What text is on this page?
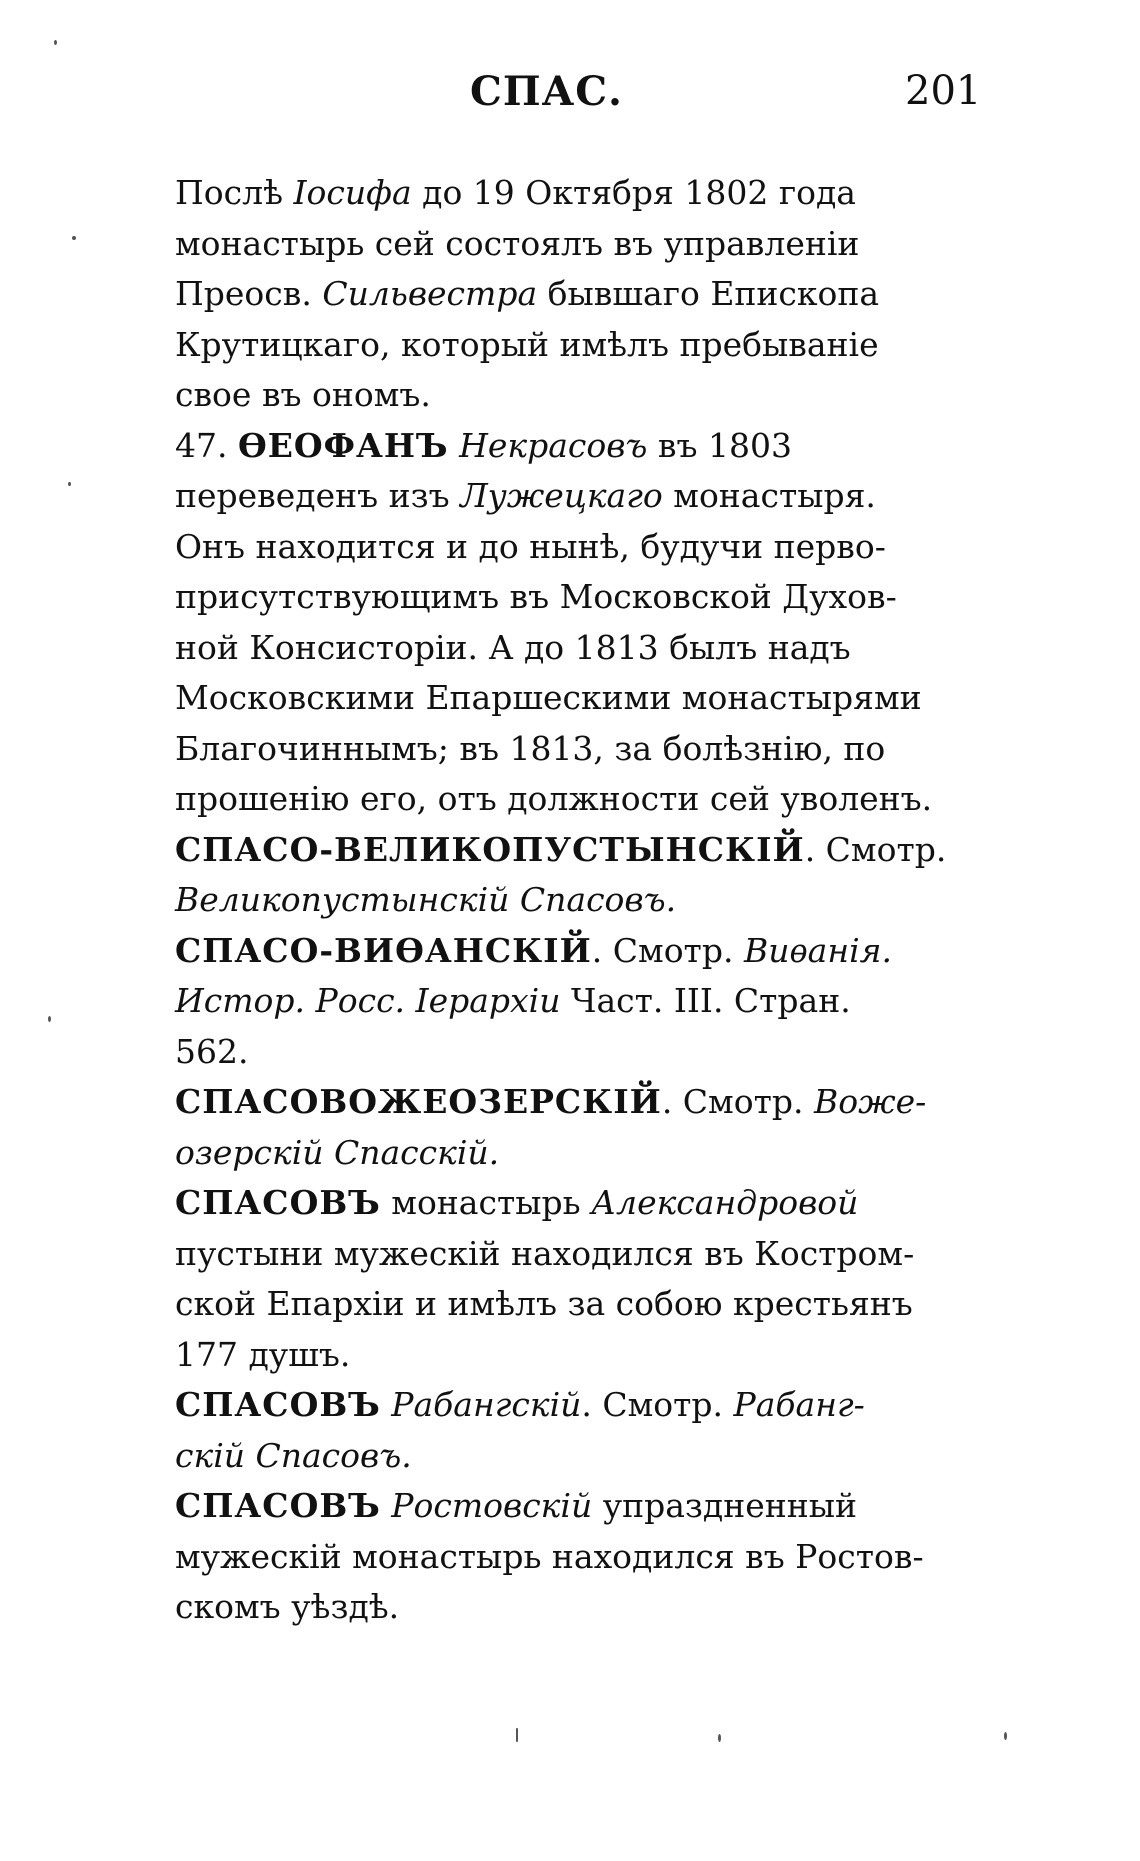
СПАС.	201

Послѣ Іосифа до 19 Октября 1802 года
монастырь сей состоялъ въ управленіи
Преосв. Сильвестра бывшаго Епископа
Крутицкаго, который имѣлъ пребываніе
свое въ ономъ.

47. ѲЕОФАНЪ Некрасовъ въ 1803
переведенъ изъ Лужецкаго монастыря.
Онъ находится и до нынѣ, будучи перво-
присутствующимъ въ Московской Духов-
ной Консисторіи. А до 1813 былъ надъ
Московскими Епаршескими монастырями
Благочиннымъ; въ 1813, за болѣзнію, по
прошенію его, отъ должности сей уволенъ.

СПАСО-ВЕЛИКОПУСТЫНСКІЙ. Смотр.
Великопустынскій Спасовъ.

СПАСО-ВИѲАНСКІЙ. Смотр. Виѳанія.
Истор. Росс. Іерархіи Част. III. Стран.
562.

СПАСОВОЖЕОЗЕРСКІЙ. Смотр. Воже-
озерскій Спасскій.

СПАСОВЪ монастырь Александровой
пустыни мужескій находился въ Костром-
ской Епархіи и имѣлъ за собою крестьянъ
177 душъ.

СПАСОВЪ Рабангскій. Смотр. Рабанг-
скій Спасовъ.

СПАСОВЪ Ростовскій упраздненный
мужескій монастырь находился въ Ростов-
скомъ уѣздѣ.
